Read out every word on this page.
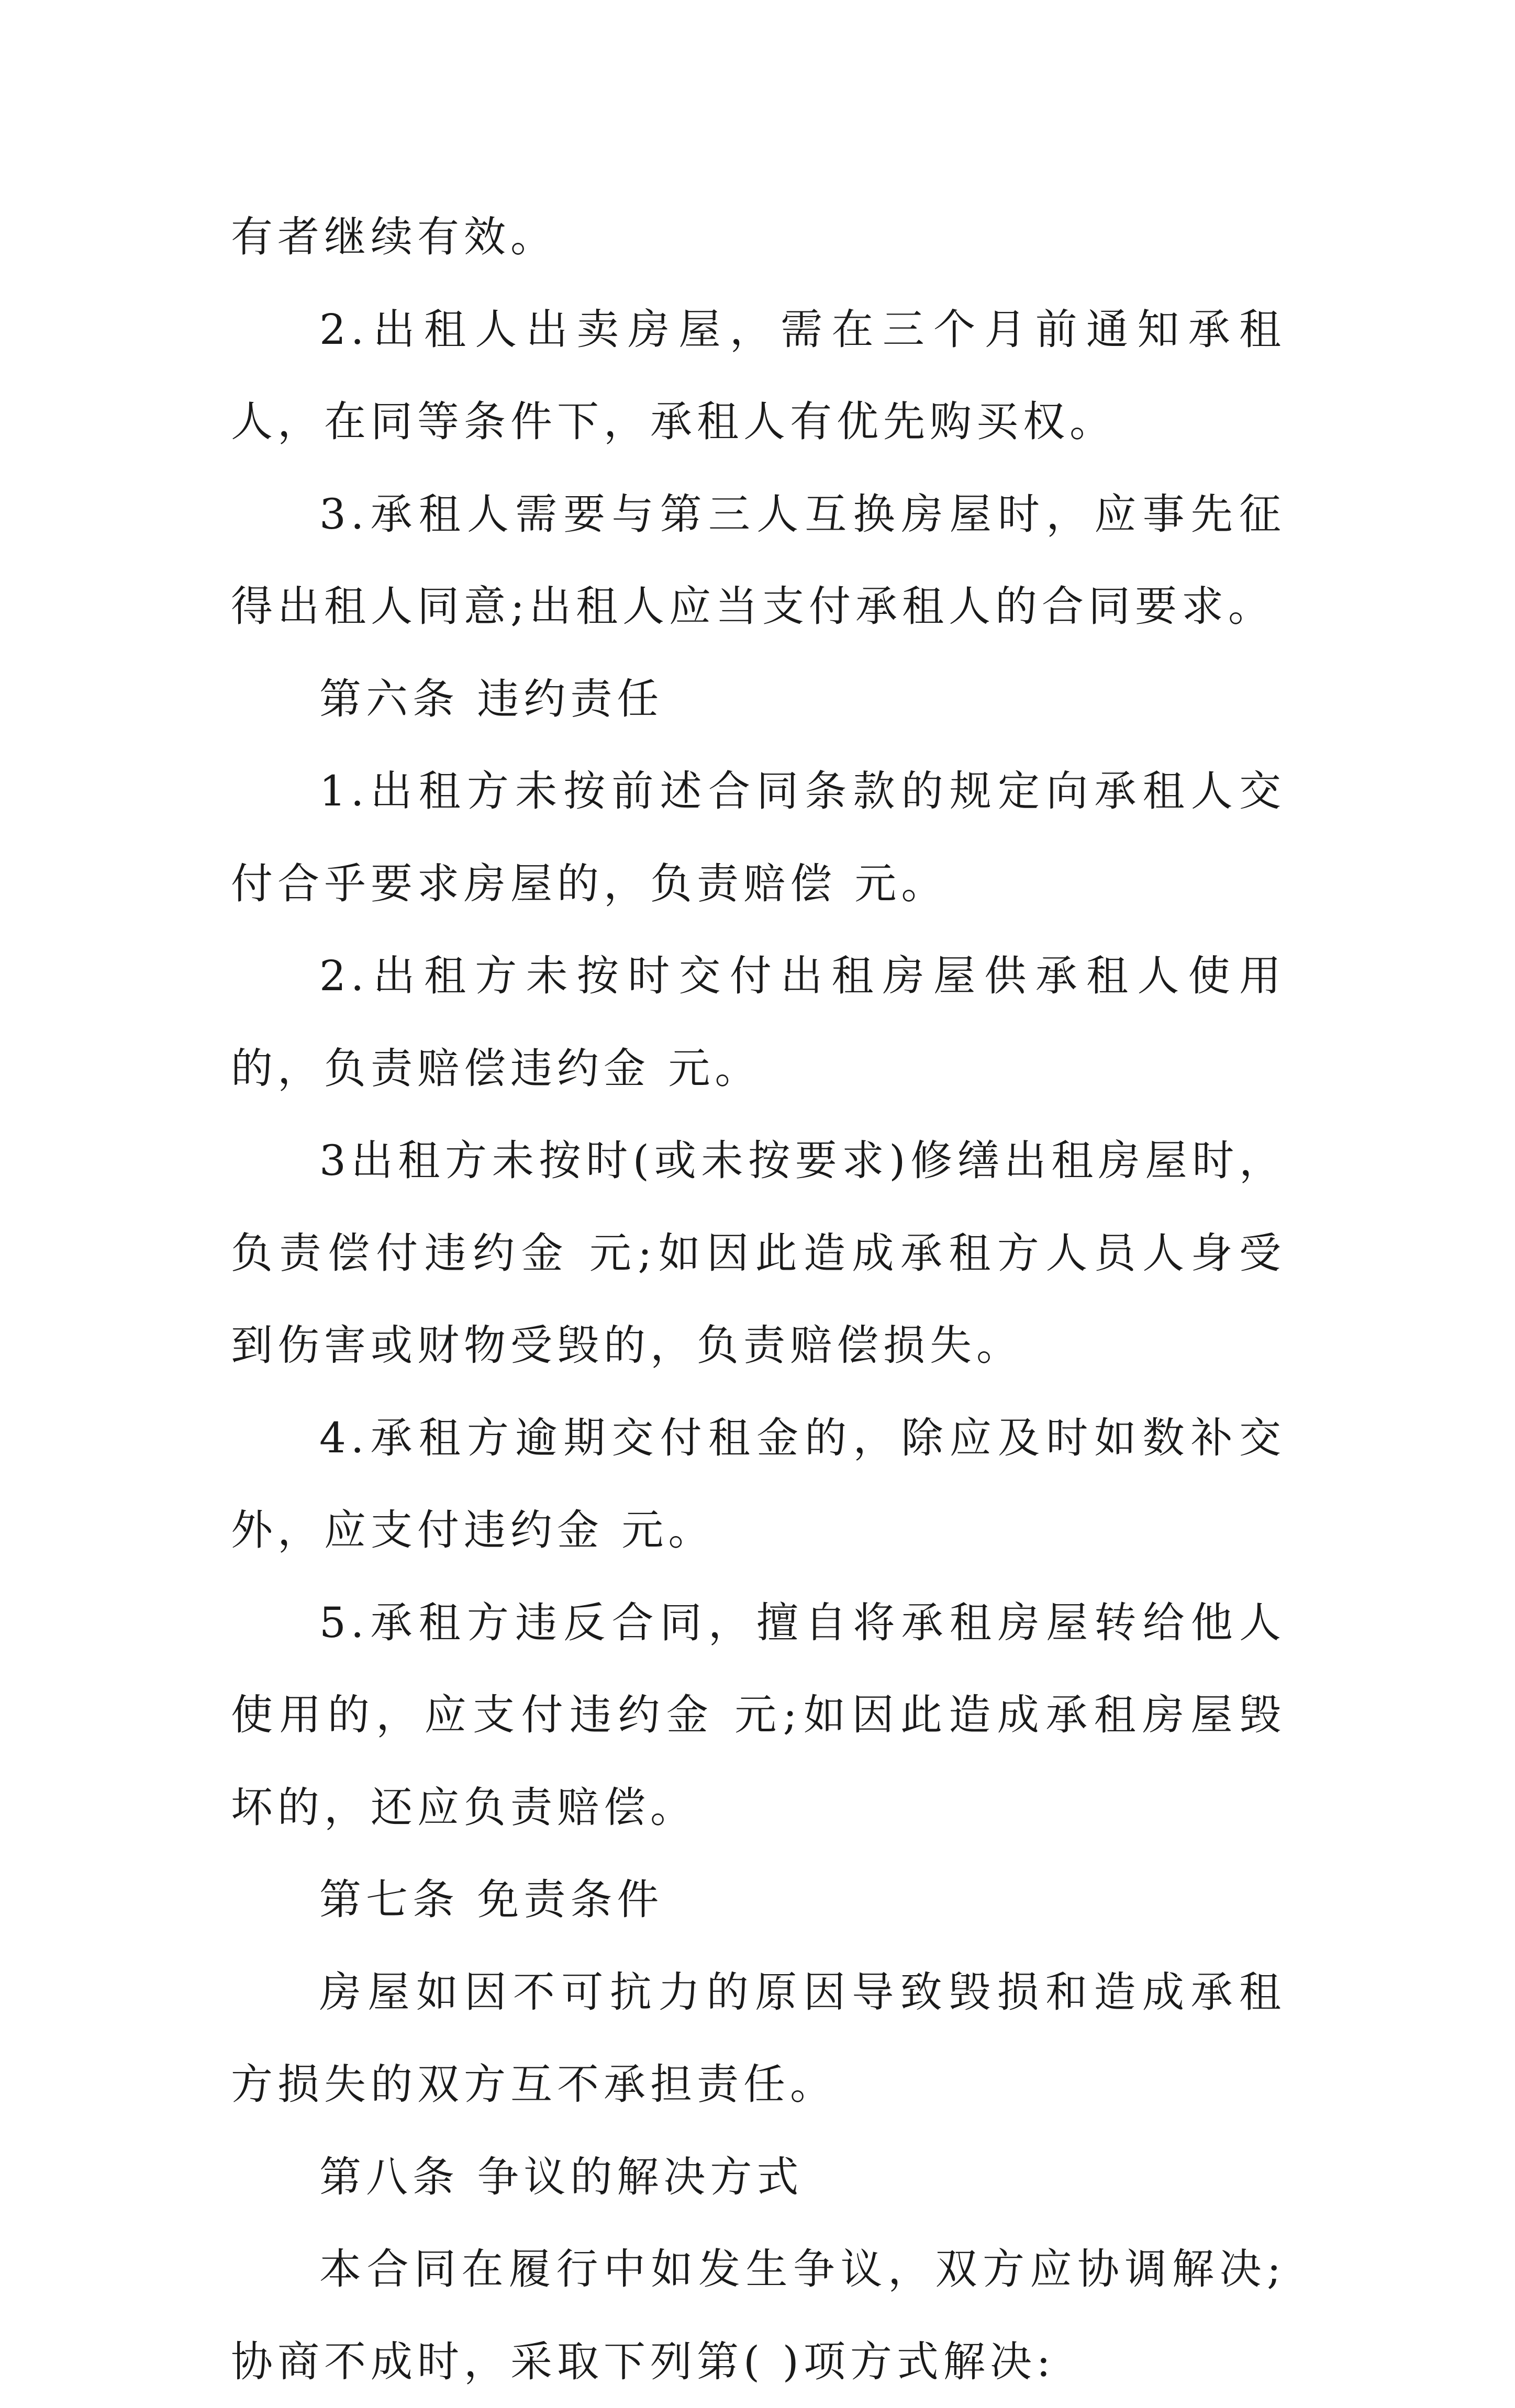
有者继续有效。

2.出租人出卖房屋，需在三个月前通知承租人，在同等条件下，承租人有优先购买权。

3.承租人需要与第三人互换房屋时，应事先征得出租人同意;出租人应当支付承租人的合同要求。

第六条 违约责任

1.出租方未按前述合同条款的规定向承租人交付合乎要求房屋的，负责赔偿 元。

2.出租方未按时交付出租房屋供承租人使用的，负责赔偿违约金 元。

3出租方未按时(或未按要求)修缮出租房屋时，负责偿付违约金 元;如因此造成承租方人员人身受到伤害或财物受毁的，负责赔偿损失。

4.承租方逾期交付租金的，除应及时如数补交外，应支付违约金 元。

5.承租方违反合同，擅自将承租房屋转给他人使用的，应支付违约金 元;如因此造成承租房屋毁坏的，还应负责赔偿。

第七条 免责条件

房屋如因不可抗力的原因导致毁损和造成承租方损失的双方互不承担责任。

第八条 争议的解决方式

本合同在履行中如发生争议，双方应协调解决;协商不成时，采取下列第( )项方式解决:
